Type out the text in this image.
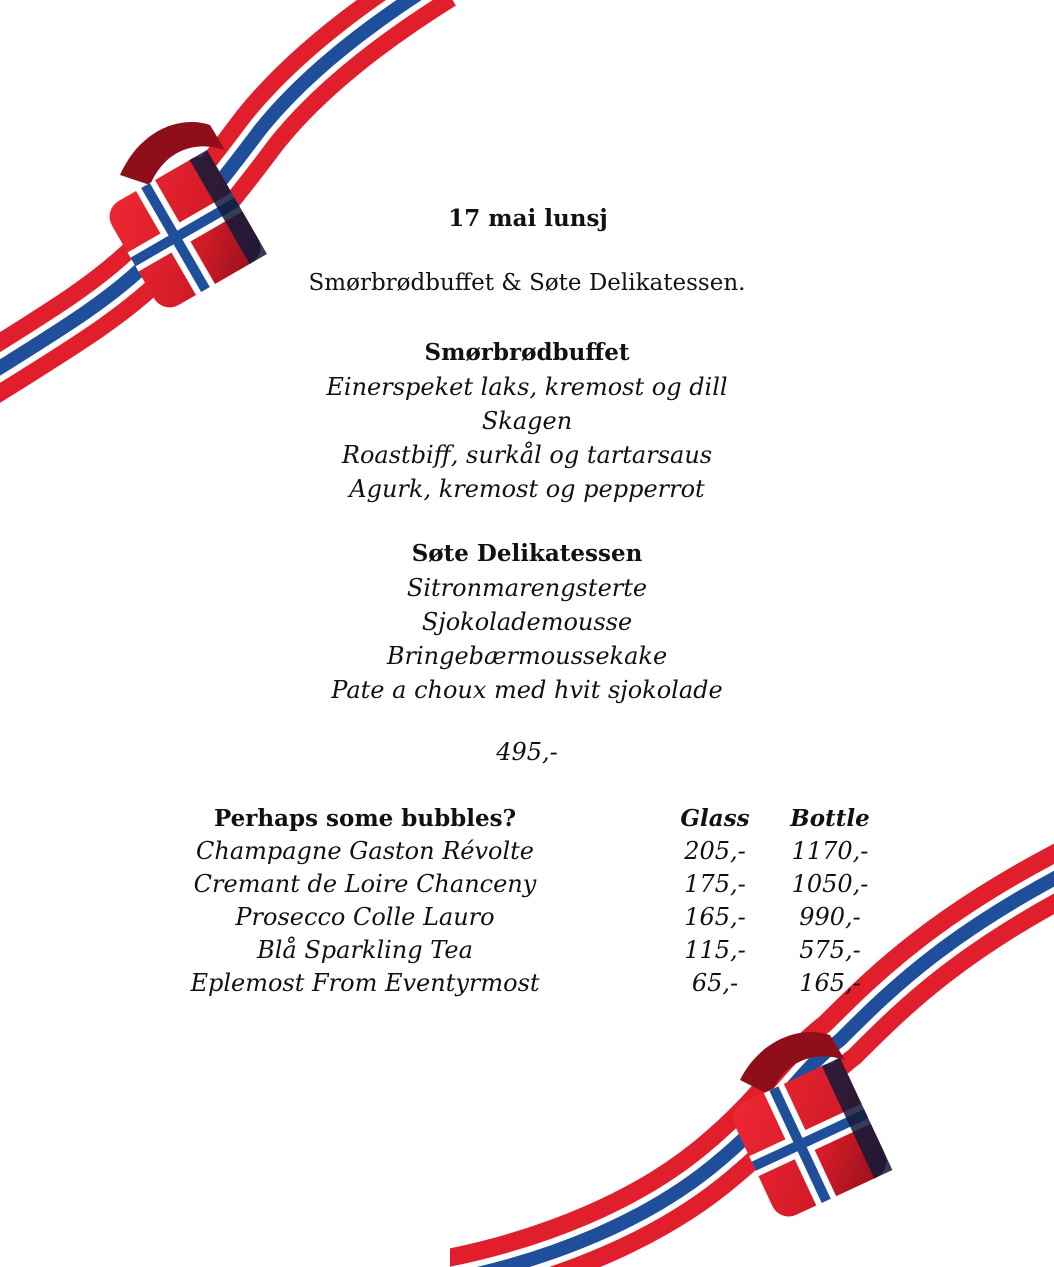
17 mai lunsj
Smørbrødbuffet & Søte Delikatessen.
Smørbrødbuffet
Einerspeket laks, kremost og dill
Skagen
Roastbiff, surkål og tartarsaus
Agurk, kremost og pepperrot
Søte Delikatessen
Sitronmarengsterte
Sjokolademousse
Bringebærmoussekake
Pate a choux med hvit sjokolade
495,-
Perhaps some bubbles?	Glass	Bottle
Champagne Gaston Révolte	205,-	1170,-
Cremant de Loire Chanceny	175,-	1050,-
Prosecco Colle Lauro	165,-	990,-
Blå Sparkling Tea	115,-	575,-
Eplemost From Eventyrmost	65,-	165,-
